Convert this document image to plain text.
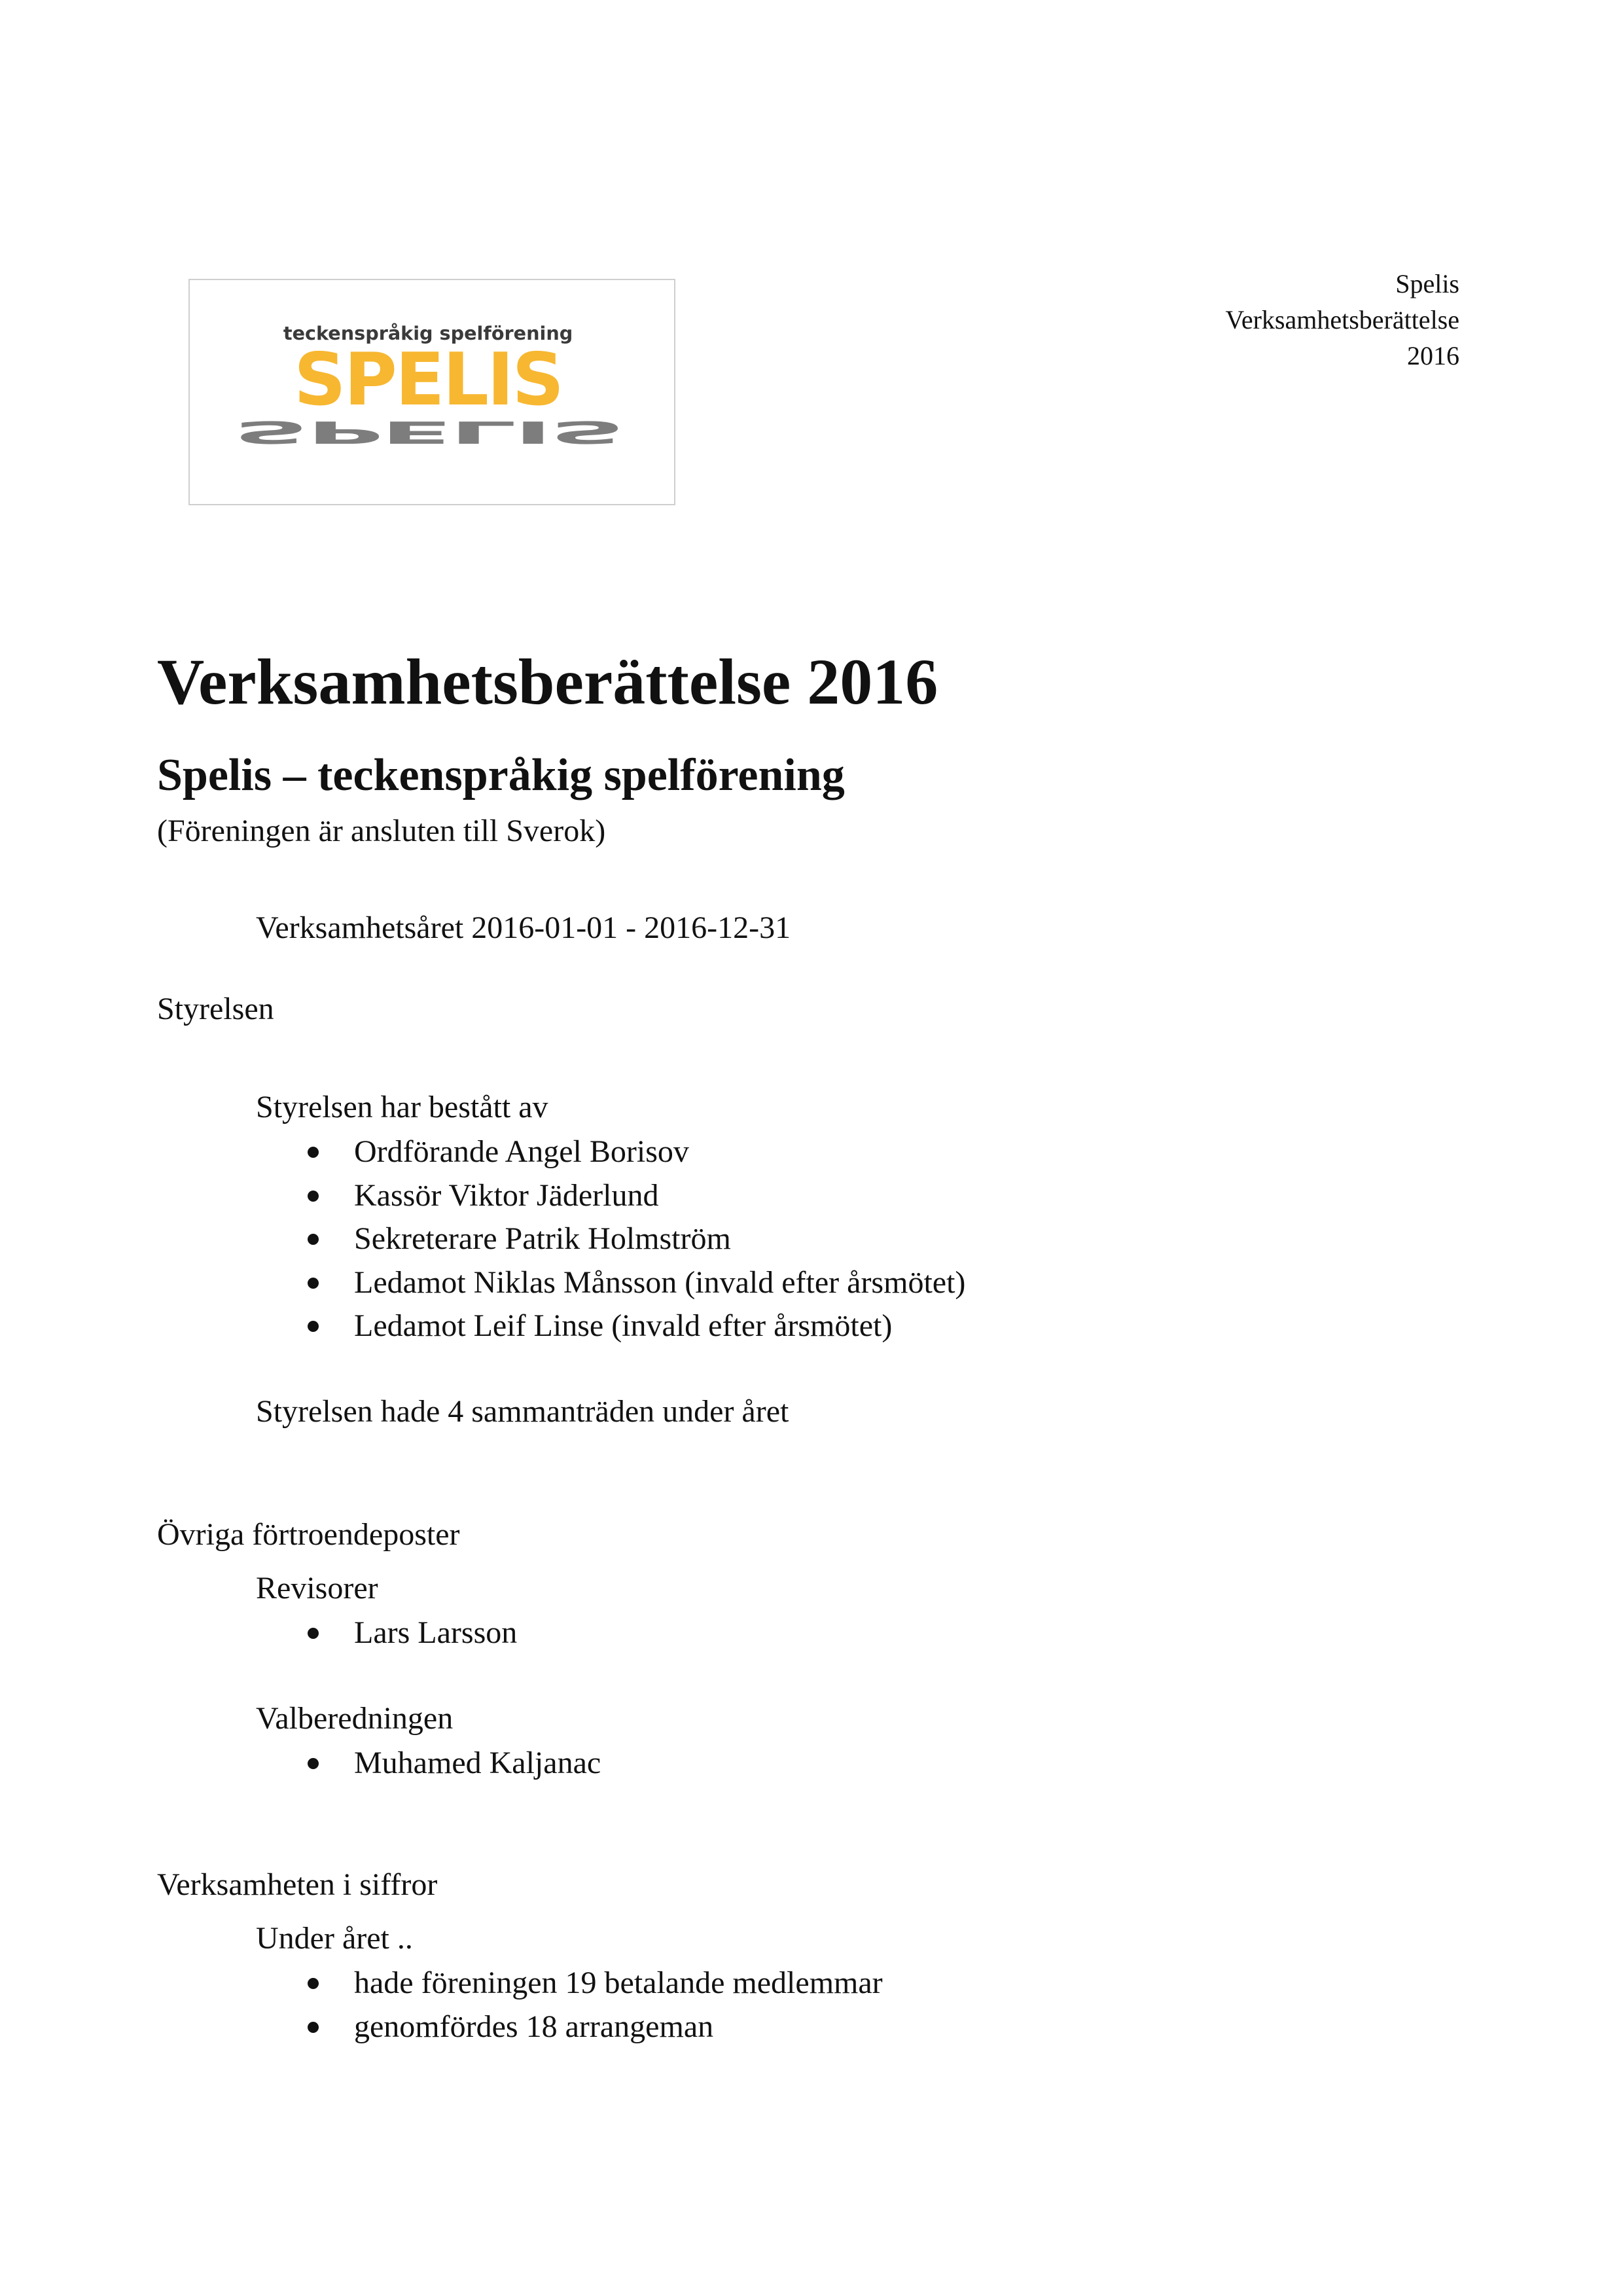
teckenspråkig spelförening
SPELIS
SPELIS
Spelis
Verksamhetsberättelse
2016
Verksamhetsberättelse 2016
Spelis – teckenspråkig spelförening
(Föreningen är ansluten till Sverok)
Verksamhetsåret 2016-01-01 - 2016-12-31
Styrelsen
Styrelsen har bestått av
Ordförande Angel Borisov
Kassör Viktor Jäderlund
Sekreterare Patrik Holmström
Ledamot Niklas Månsson (invald efter årsmötet)
Ledamot Leif Linse (invald efter årsmötet)
Styrelsen hade 4 sammanträden under året
Övriga förtroendeposter
Revisorer
Lars Larsson
Valberedningen
Muhamed Kaljanac
Verksamheten i siffror
Under året ..
hade föreningen 19 betalande medlemmar
genomfördes 18 arrangeman
